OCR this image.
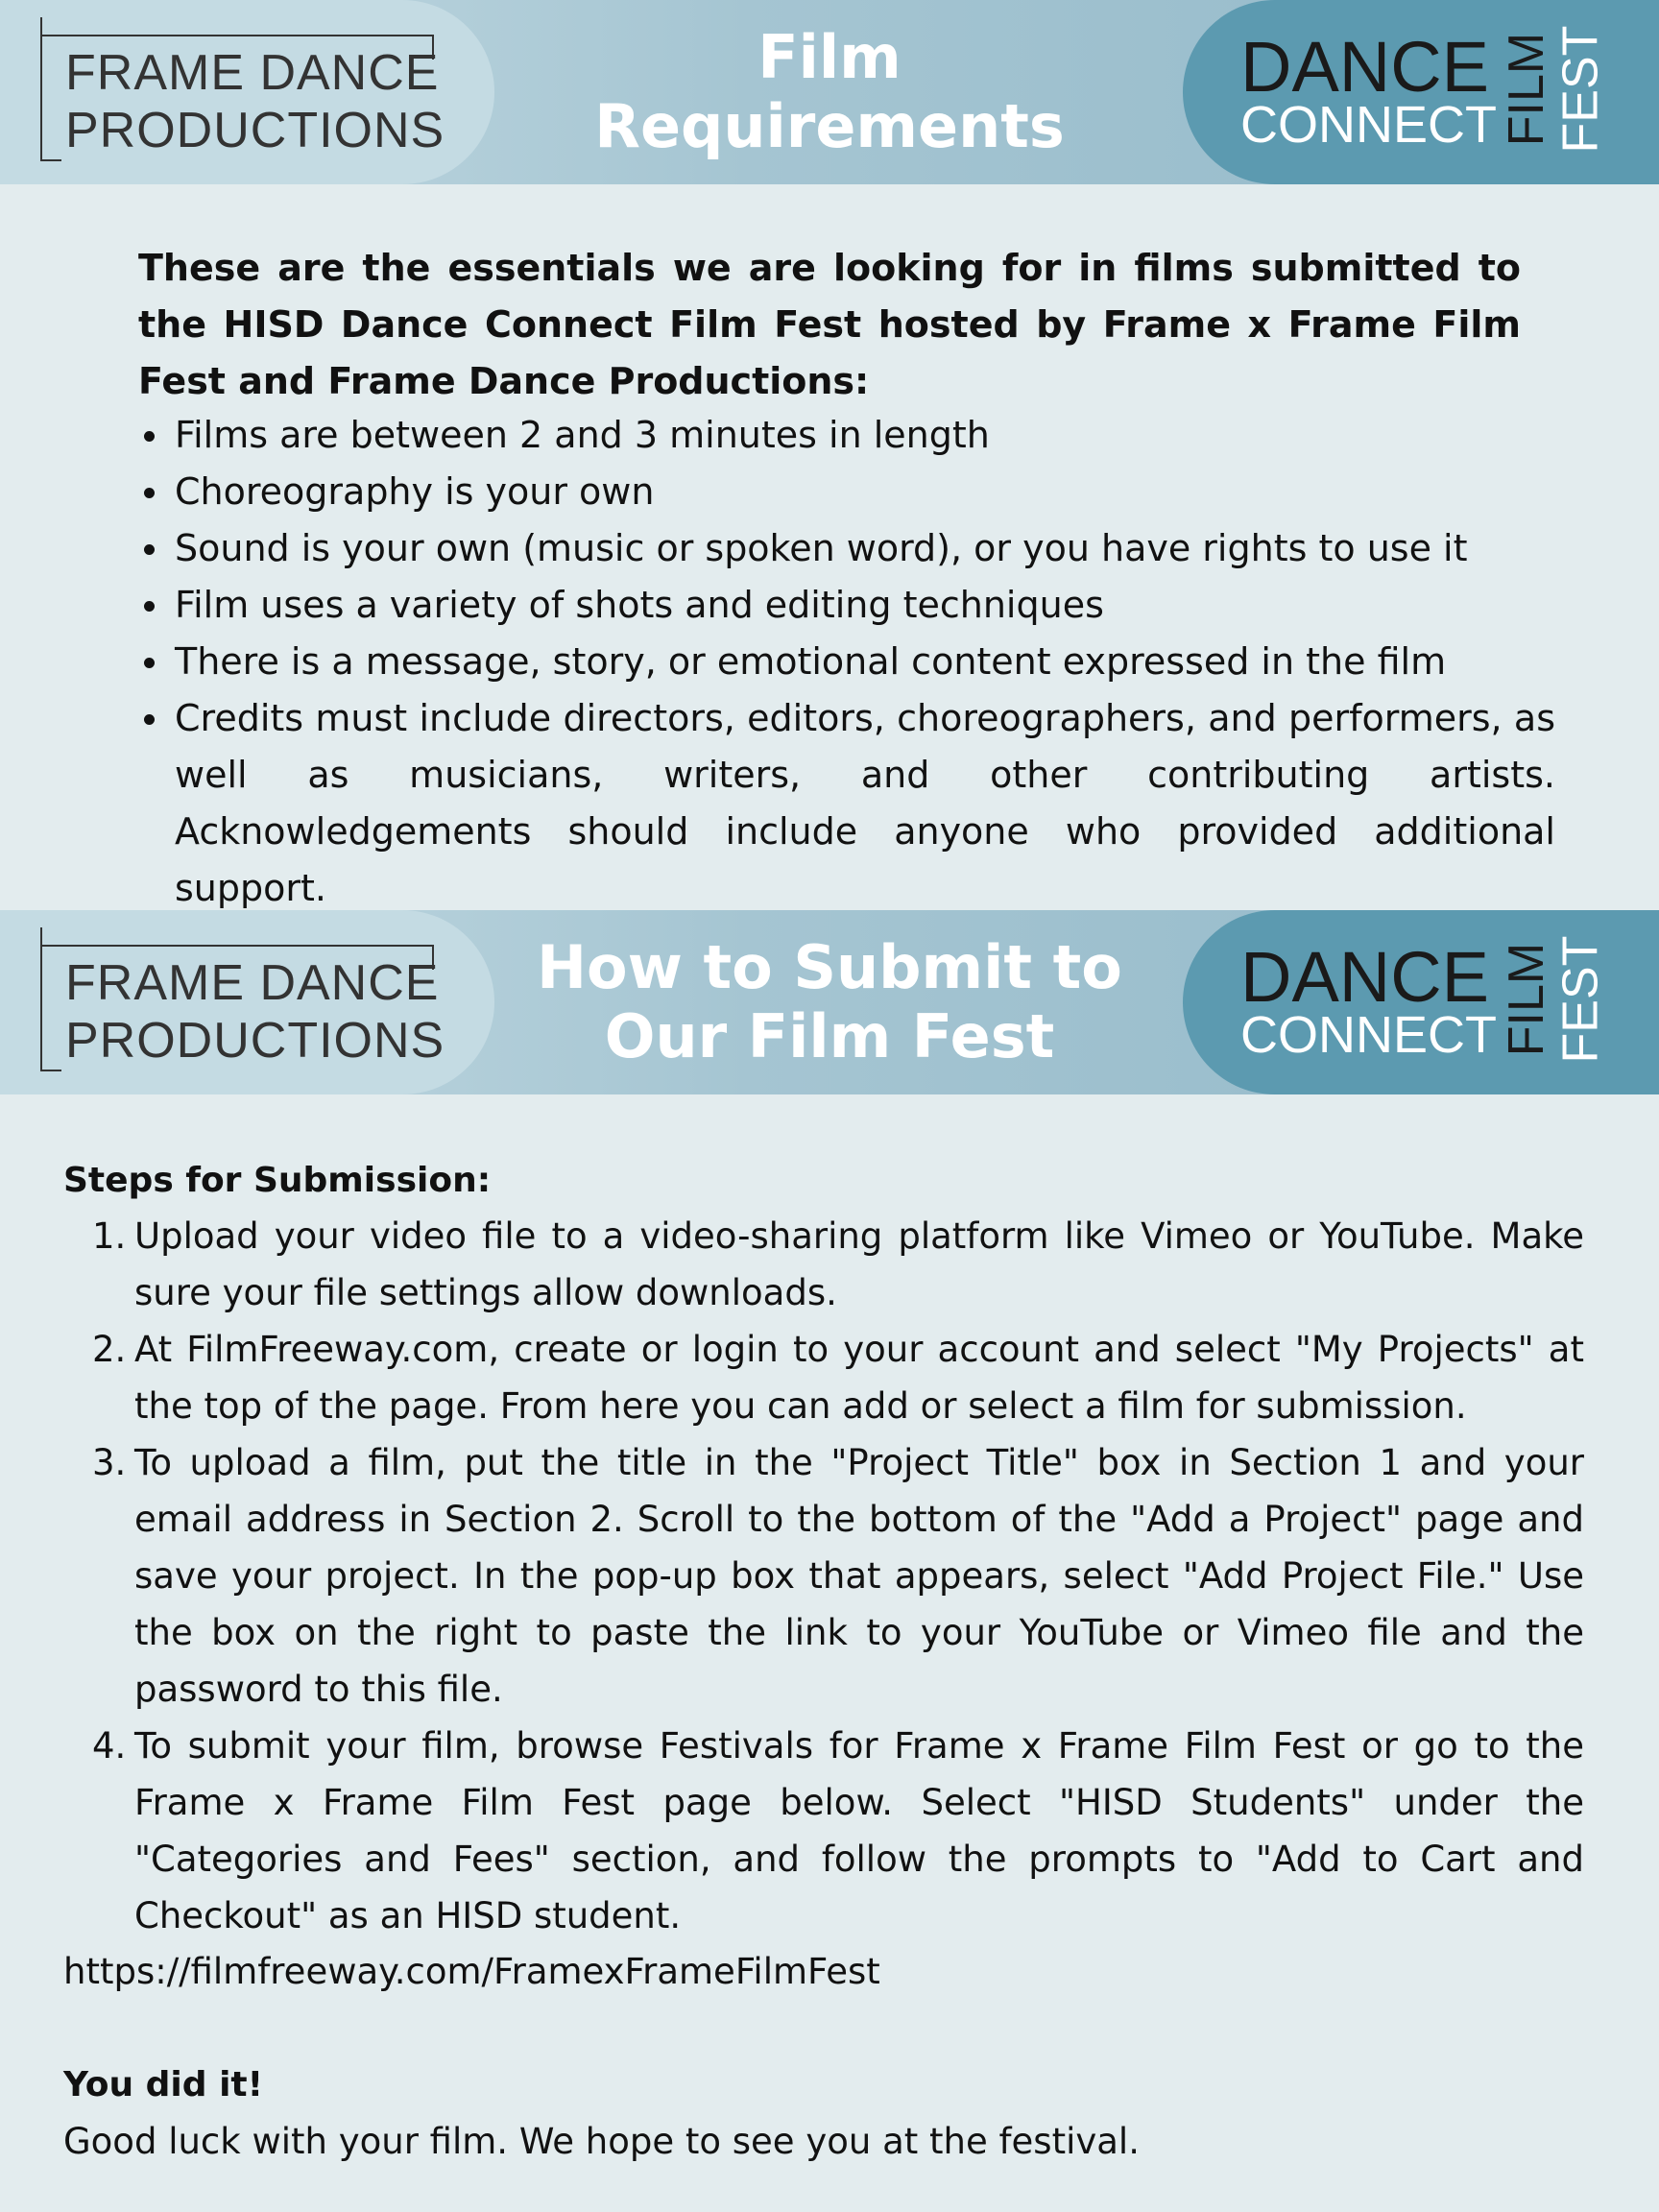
FRAME DANCE
PRODUCTIONS
Film
Requirements
DANCE
CONNECT FILM
FEST
These are the essentials we are looking for in films submitted to the HISD Dance Connect Film Fest hosted by Frame x Frame Film Fest and Frame Dance Productions:
Films are between 2 and 3 minutes in length
Choreography is your own
Sound is your own (music or spoken word), or you have rights to use it
Film uses a variety of shots and editing techniques
There is a message, story, or emotional content expressed in the film
Credits must include directors, editors, choreographers, and performers, as well as musicians, writers, and other contributing artists. Acknowledgements should include anyone who provided additional support.
FRAME DANCE
PRODUCTIONS
How to Submit to
Our Film Fest
DANCE
CONNECT FILM
FEST
Steps for Submission:
1. Upload your video file to a video-sharing platform like Vimeo or YouTube. Make sure your file settings allow downloads.
2. At FilmFreeway.com, create or login to your account and select "My Projects" at the top of the page. From here you can add or select a film for submission.
3. To upload a film, put the title in the "Project Title" box in Section 1 and your email address in Section 2. Scroll to the bottom of the "Add a Project" page and save your project. In the pop-up box that appears, select "Add Project File." Use the box on the right to paste the link to your YouTube or Vimeo file and the password to this file.
4. To submit your film, browse Festivals for Frame x Frame Film Fest or go to the Frame x Frame Film Fest page below. Select "HISD Students" under the "Categories and Fees" section, and follow the prompts to "Add to Cart and Checkout" as an HISD student.
https://filmfreeway.com/FramexFrameFilmFest
You did it!
Good luck with your film. We hope to see you at the festival.
